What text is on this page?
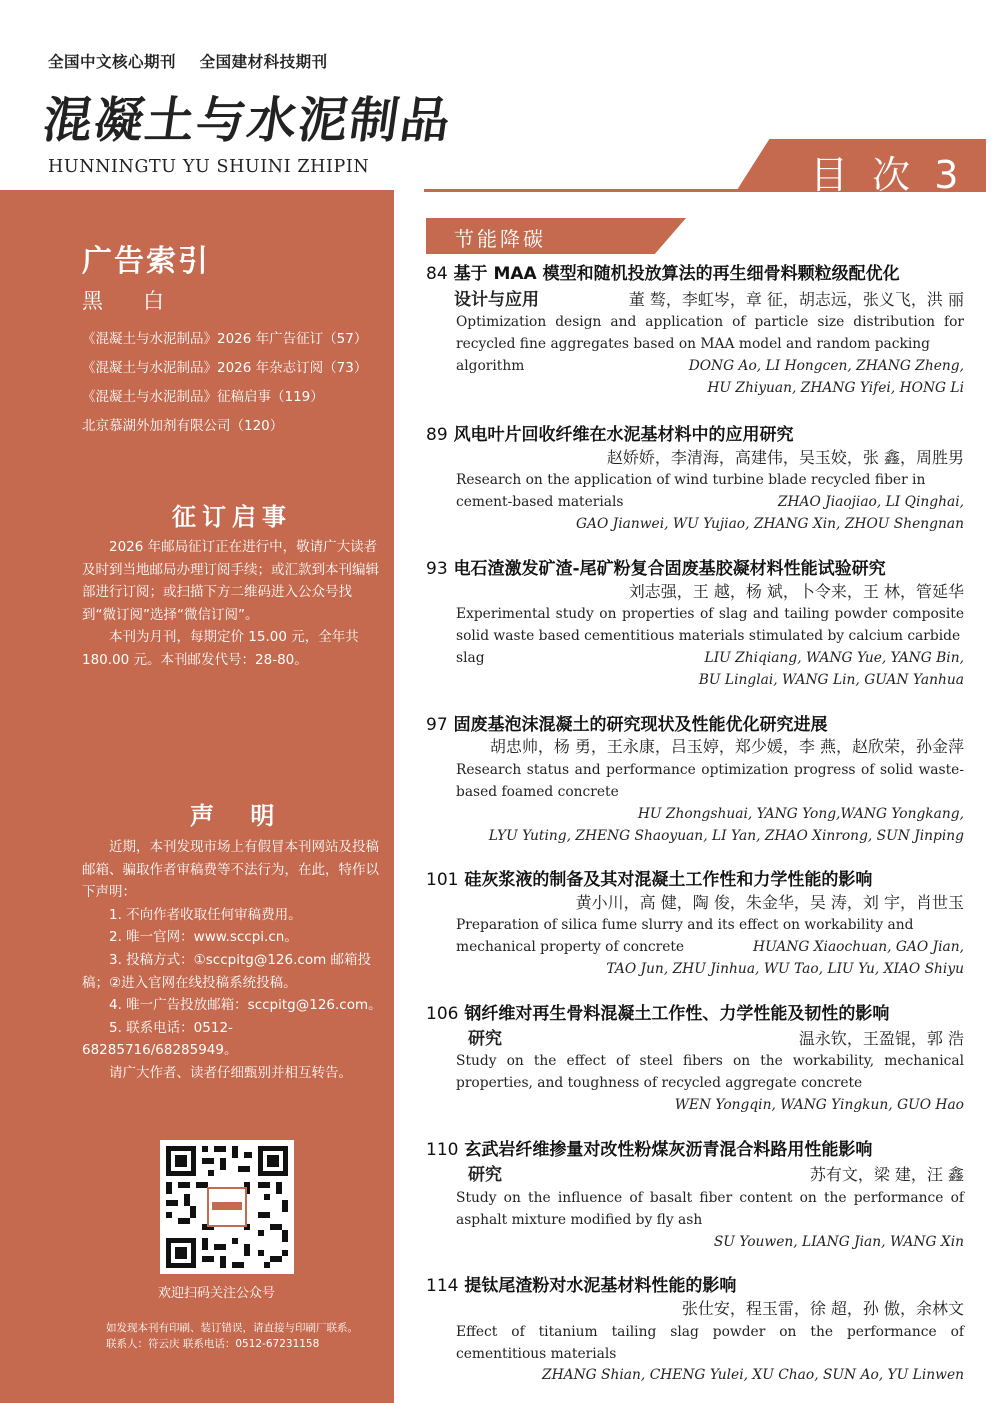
全国中文核心期刊 全国建材科技期刊
混凝土与水泥制品
HUNNINGTU YU SHUINI ZHIPIN	目 次 3
节能降碳
广告索引
黑      白
《混凝土与水泥制品》2026 年广告征订（57）
《混凝土与水泥制品》2026 年杂志订阅（73）
《混凝土与水泥制品》征稿启事（119）
北京慕湖外加剂有限公司（120）
征订启事

2026 年邮局征订正在进行中，敬请广大读者及时到当地邮局办理订阅手续；或汇款到本刊编辑部进行订阅；或扫描下方二维码进入公众号找到“微订阅”选择“微信订阅”。

本刊为月刊，每期定价 15.00 元，全年共 180.00 元。本刊邮发代号：28-80。

声 明

近期，本刊发现市场上有假冒本刊网站及投稿邮箱、骗取作者审稿费等不法行为，在此，特作以下声明：

1. 不向作者收取任何审稿费用。

2. 唯一官网：www.sccpi.cn。

3. 投稿方式：①sccpitg@126.com 邮箱投稿；②进入官网在线投稿系统投稿。

4. 唯一广告投放邮箱：sccpitg@126.com。

5. 联系电话：0512-68285716/68285949。

请广大作者、读者仔细甄别并相互转告。

欢迎扫码关注公众号
如发现本刊有印刷、装订错误，请直接与印刷厂联系。
联系人：符云庆 联系电话：0512-67231158
84 基于 MAA 模型和随机投放算法的再生细骨料颗粒级配优化
设计与应用	董 骜，李虹岑，章 征，胡志远，张义飞，洪 丽
Optimization design and application of particle size distribution for recycled fine aggregates based on MAA model and random packing
algorithm	DONG Ao, LI Hongcen, ZHANG Zheng,
HU Zhiyuan, ZHANG Yifei, HONG Li
89 风电叶片回收纤维在水泥基材料中的应用研究
赵娇娇，李清海，高建伟，吴玉姣，张 鑫，周胜男
Research on the application of wind turbine blade recycled fiber in
cement-based materials	ZHAO Jiaojiao, LI Qinghai,
GAO Jianwei, WU Yujiao, ZHANG Xin, ZHOU Shengnan
93 电石渣激发矿渣-尾矿粉复合固废基胶凝材料性能试验研究
刘志强，王 越，杨 斌，卜令来，王 林，管延华
Experimental study on properties of slag and tailing powder composite solid waste based cementitious materials stimulated by calcium carbide
slag	LIU Zhiqiang, WANG Yue, YANG Bin,
BU Linglai, WANG Lin, GUAN Yanhua
97 固废基泡沫混凝土的研究现状及性能优化研究进展
胡忠帅，杨 勇，王永康，吕玉婷，郑少媛，李 燕，赵欣荣，孙金萍
Research status and performance optimization progress of solid waste-based foamed concrete
HU Zhongshuai, YANG Yong,WANG Yongkang,
LYU Yuting, ZHENG Shaoyuan, LI Yan, ZHAO Xinrong, SUN Jinping
101 硅灰浆液的制备及其对混凝土工作性和力学性能的影响
黄小川，高 健，陶 俊，朱金华，吴 涛，刘 宇，肖世玉
Preparation of silica fume slurry and its effect on workability and
mechanical property of concrete	HUANG Xiaochuan, GAO Jian,
TAO Jun, ZHU Jinhua, WU Tao, LIU Yu, XIAO Shiyu
106 钢纤维对再生骨料混凝土工作性、力学性能及韧性的影响
研究	温永钦，王盈锟，郭 浩
Study on the effect of steel fibers on the workability, mechanical properties, and toughness of recycled aggregate concrete
WEN Yongqin, WANG Yingkun, GUO Hao
110 玄武岩纤维掺量对改性粉煤灰沥青混合料路用性能影响
研究	苏有文，梁 建，汪 鑫
Study on the influence of basalt fiber content on the performance of asphalt mixture modified by fly ash
SU Youwen, LIANG Jian, WANG Xin
114 提钛尾渣粉对水泥基材料性能的影响
张仕安，程玉雷，徐 超，孙 傲，余林文
Effect of titanium tailing slag powder on the performance of cementitious materials
ZHANG Shian, CHENG Yulei, XU Chao, SUN Ao, YU Linwen
